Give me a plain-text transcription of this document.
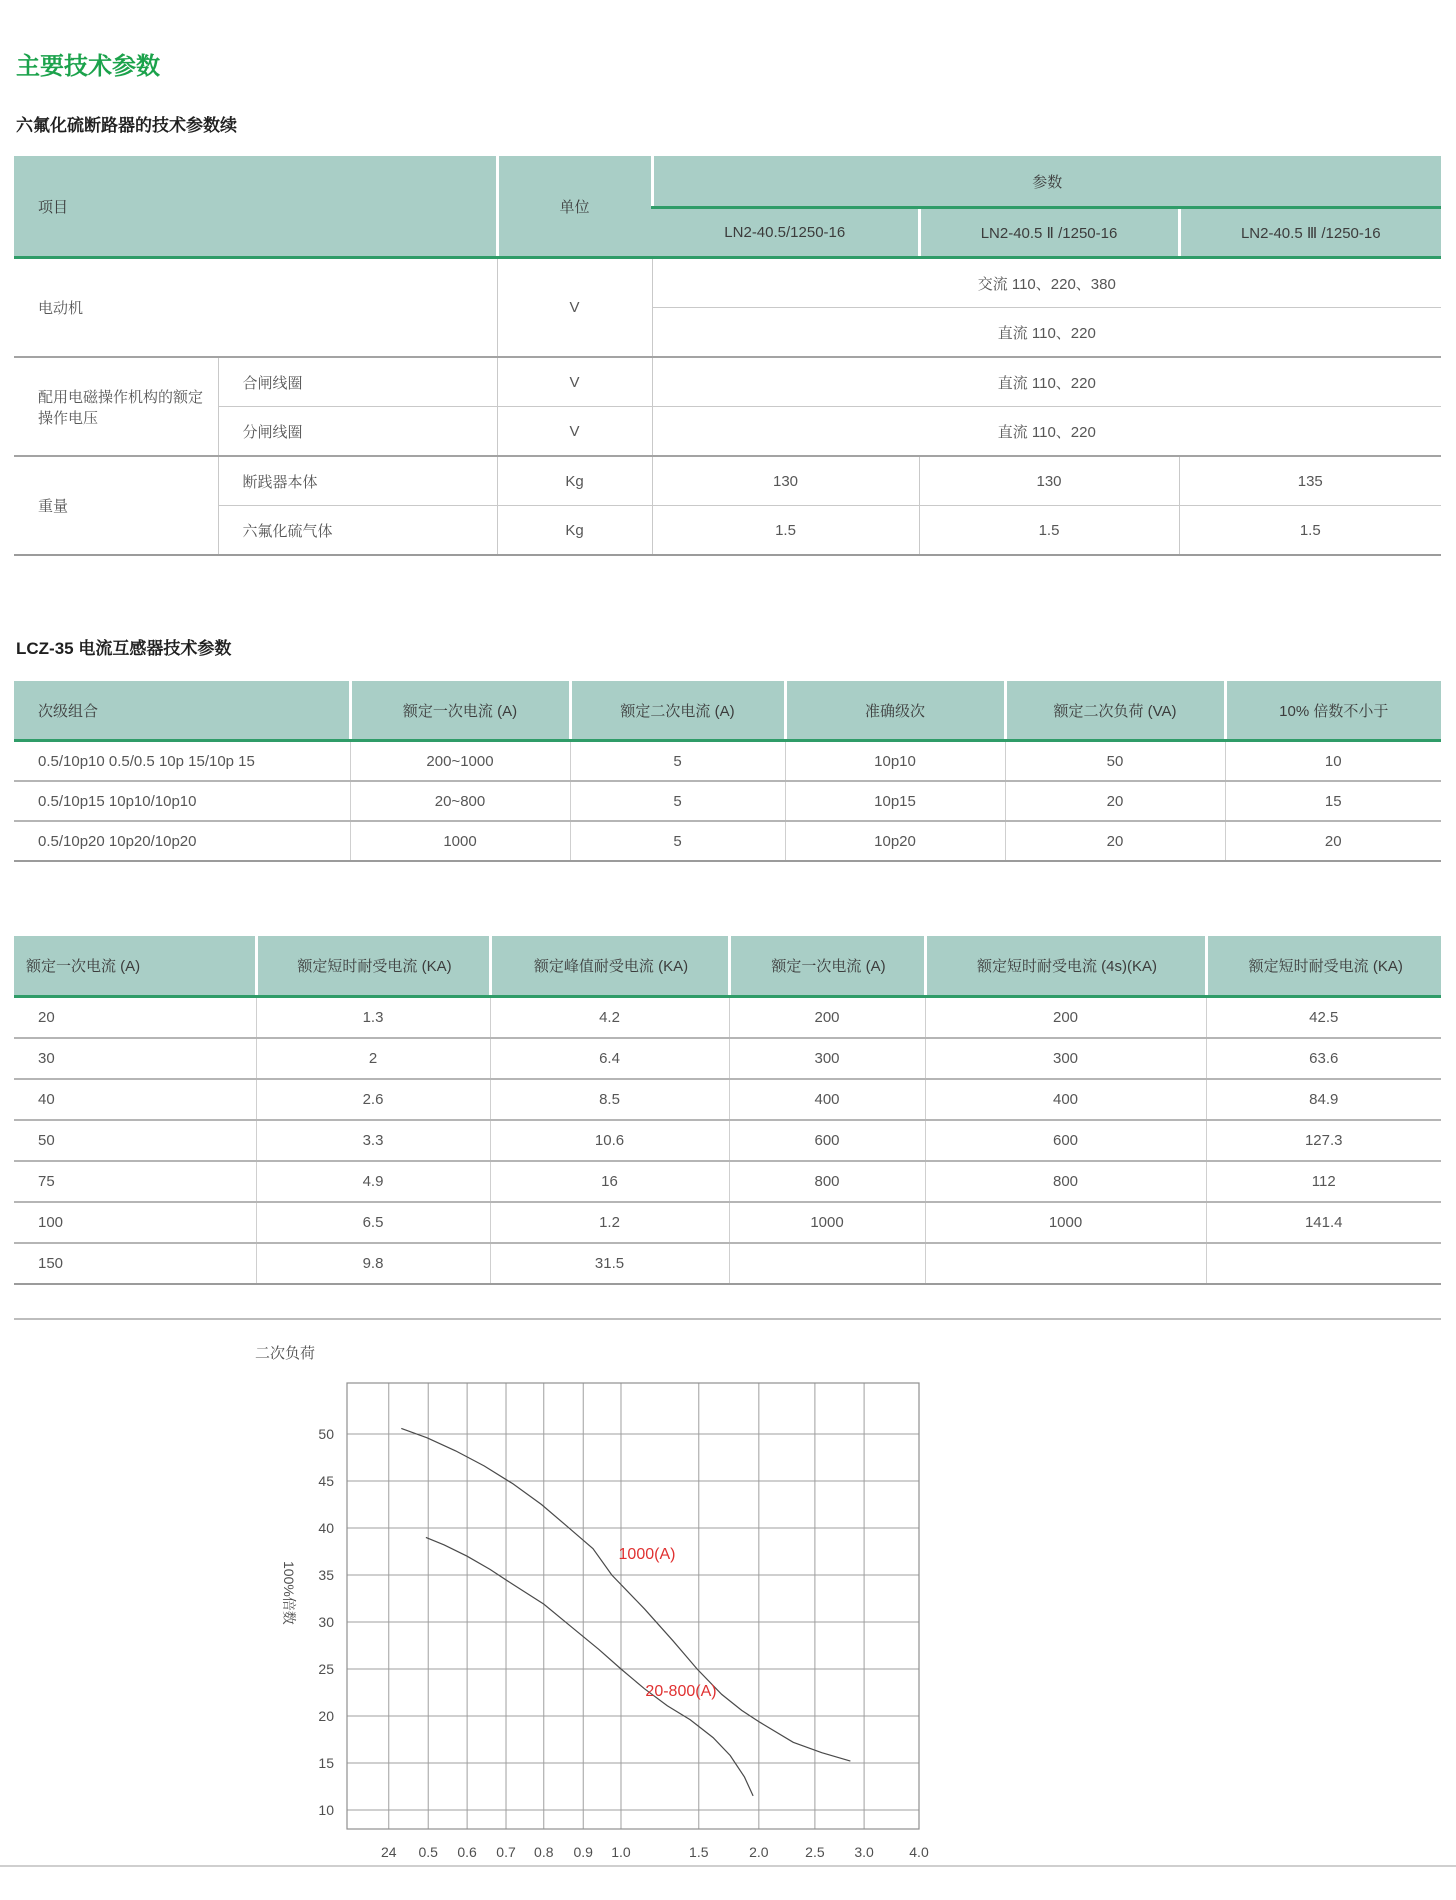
主要技术参数
六氟化硫断路器的技术参数续
项目		单位	参数		
			LN2-40.5/1250-16	LN2-40.5 Ⅱ /1250-16	LN2-40.5 Ⅲ /1250-16
电动机		V	交流 110、220、380		
			直流 110、220		
配用电磁操作机构的额定操作电压	合闸线圈	V	直流 110、220		
	分闸线圈	V	直流 110、220		
重量	断践器本体	Kg	130	130	135
	六氟化硫气体	Kg	1.5	1.5	1.5
LCZ-35 电流互感器技术参数
次级组合	额定一次电流 (A)	额定二次电流 (A)	准确级次	额定二次负荷 (VA)	10% 倍数不小于
0.5/10p10 0.5/0.5 10p 15/10p 15	200~1000	5	10p10	50	10
0.5/10p15 10p10/10p10	20~800	5	10p15	20	15
0.5/10p20 10p20/10p20	1000	5	10p20	20	20
额定一次电流 (A)	额定短时耐受电流 (KA)	额定峰值耐受电流 (KA)	额定一次电流 (A)	额定短时耐受电流 (4s)(KA)	额定短时耐受电流 (KA)
20	1.3	4.2	200	200	42.5
30	2	6.4	300	300	63.6
40	2.6	8.5	400	400	84.9
50	3.3	10.6	600	600	127.3
75	4.9	16	800	800	112
100	6.5	1.2	1000	1000	141.4
150	9.8	31.5			
二次负荷
50
45
40
35
30
25
20
15
10
24 0.5 0.6 0.7 0.8 0.9 1.0	1.5	2.0	2.5 3.0	4.0
100%倍数
1000(A)
20-800(A)
